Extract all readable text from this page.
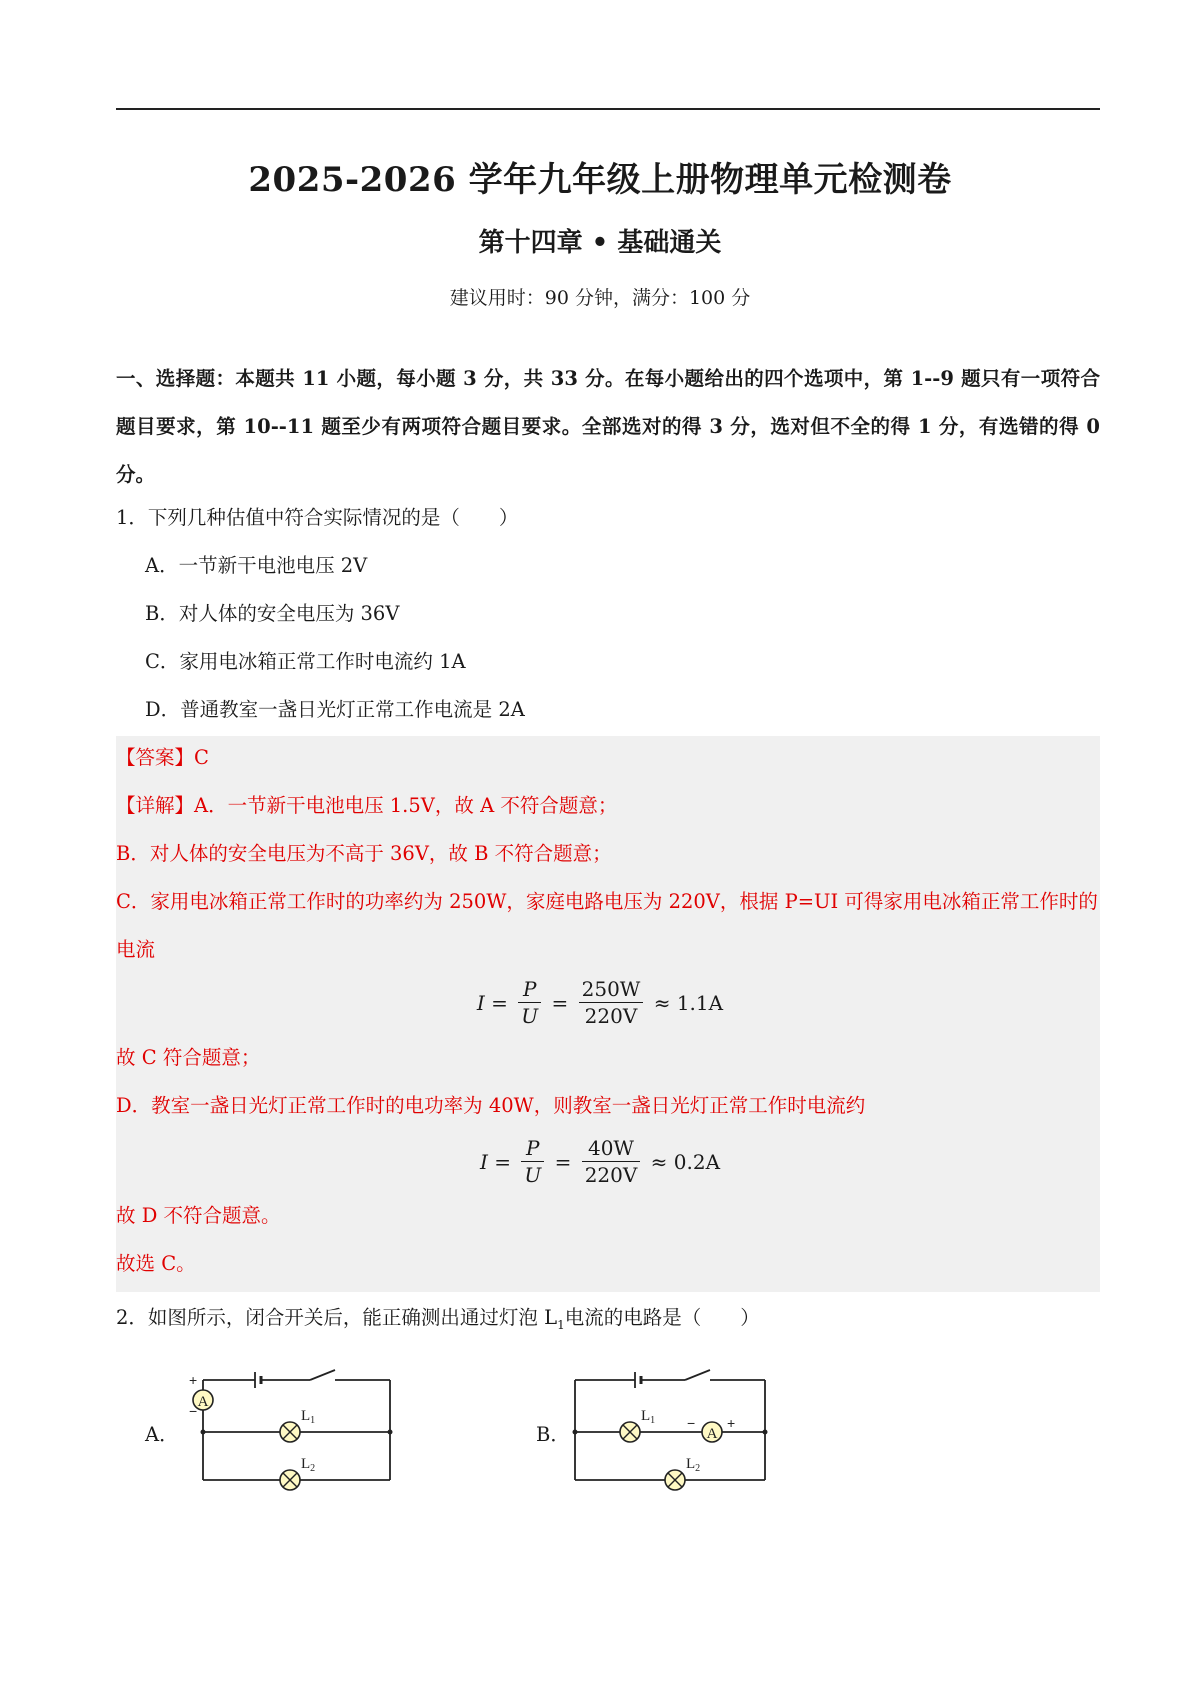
2025-2026 学年九年级上册物理单元检测卷
第十四章 • 基础通关
建议用时：90 分钟，满分：100 分
一、选择题：本题共 11 小题，每小题 3 分，共 33 分。在每小题给出的四个选项中，第 1--9 题只有一项符合题目要求，第 10--11 题至少有两项符合题目要求。全部选对的得 3 分，选对但不全的得 1 分，有选错的得 0 分。
1．下列几种估值中符合实际情况的是（　　）
A．一节新干电池电压 2V
B．对人体的安全电压为 36V
C．家用电冰箱正常工作时电流约 1A
D．普通教室一盏日光灯正常工作电流是 2A
【答案】C
【详解】A．一节新干电池电压 1.5V，故 A 不符合题意；
B．对人体的安全电压为不高于 36V，故 B 不符合题意；
C．家用电冰箱正常工作时的功率约为 250W，家庭电路电压为 220V，根据 P=UI 可得家用电冰箱正常工作时的电流
$I = \frac{P}{U} = \frac{250W}{220V} \approx 1.1A$
故 C 符合题意；
D．教室一盏日光灯正常工作时的电功率为 40W，则教室一盏日光灯正常工作时电流约
$I = \frac{P}{U} = \frac{40W}{220V} \approx 0.2A$
故 D 不符合题意。
故选 C。
2．如图所示，闭合开关后，能正确测出通过灯泡 $L_1$电流的电路是（　　）
A．
A
+
−	$L_1$
$L_2$
B．
$L_1$ −
A
+
$L_2$
